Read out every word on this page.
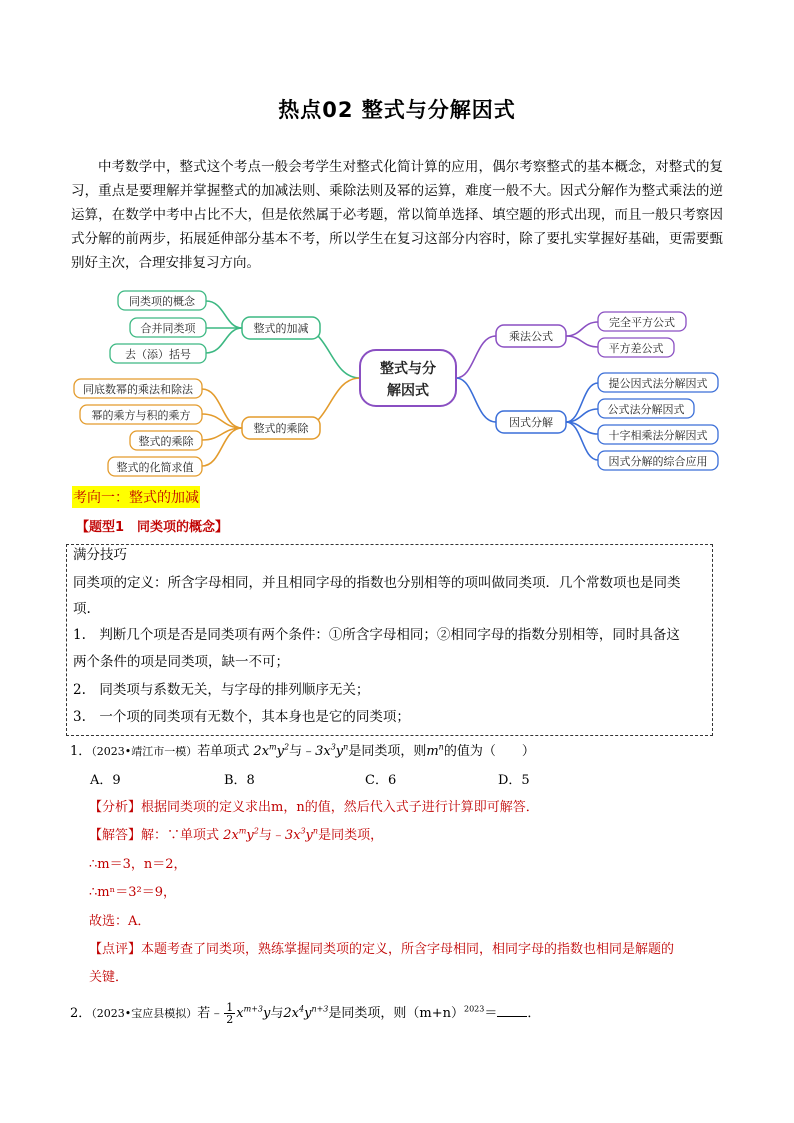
热点02 整式与分解因式
中考数学中，整式这个考点一般会考学生对整式化简计算的应用，偶尔考察整式的基本概念，对整式的复习，重点是要理解并掌握整式的加减法则、乘除法则及幂的运算，难度一般不大。因式分解作为整式乘法的逆运算，在数学中考中占比不大，但是依然属于必考题，常以简单选择、填空题的形式出现，而且一般只考察因式分解的前两步，拓展延伸部分基本不考，所以学生在复习这部分内容时，除了要扎实掌握好基础，更需要甄别好主次，合理安排复习方向。
整式与分
解因式
整式的加减
同类项的概念
合并同类项
去（添）括号
整式的乘除
同底数幂的乘法和除法
幂的乘方与积的乘方
整式的乘除
整式的化简求值
乘法公式
完全平方公式
平方差公式
因式分解
提公因式法分解因式
公式法分解因式
十字相乘法分解因式
因式分解的综合应用
考向一：整式的加减
【题型1　同类项的概念】
满分技巧
同类项的定义：所含字母相同，并且相同字母的指数也分别相等的项叫做同类项．几个常数项也是同类
项.
1.　判断几个项是否是同类项有两个条件：①所含字母相同；②相同字母的指数分别相等，同时具备这
两个条件的项是同类项，缺一不可；
2.　同类项与系数无关，与字母的排列顺序无关；
3.　一个项的同类项有无数个，其本身也是它的同类项；
1．（2023•靖江市一模）若单项式 $2x^my^2$与$﹣3x^3y^n$是同类项，则$m^n$的值为（　　）
A．9	B．8	C．6	D．5
【分析】根据同类项的定义求出m，n的值，然后代入式子进行计算即可解答．
【解答】解：∵单项式 $2x^my^2$与$﹣3x^3y^n$是同类项，
∴m＝3，n＝2，
∴mⁿ＝3²＝9，
故选：A．
【点评】本题考查了同类项，熟练掌握同类项的定义，所含字母相同，相同字母的指数也相同是解题的
关键．
2．（2023•宝应县模拟）若﹣ $\frac{1}{2} x^{m+3}y$与$2x^4y^{n+3}$是同类项，则$(m+n)^{2023}=$ ．
